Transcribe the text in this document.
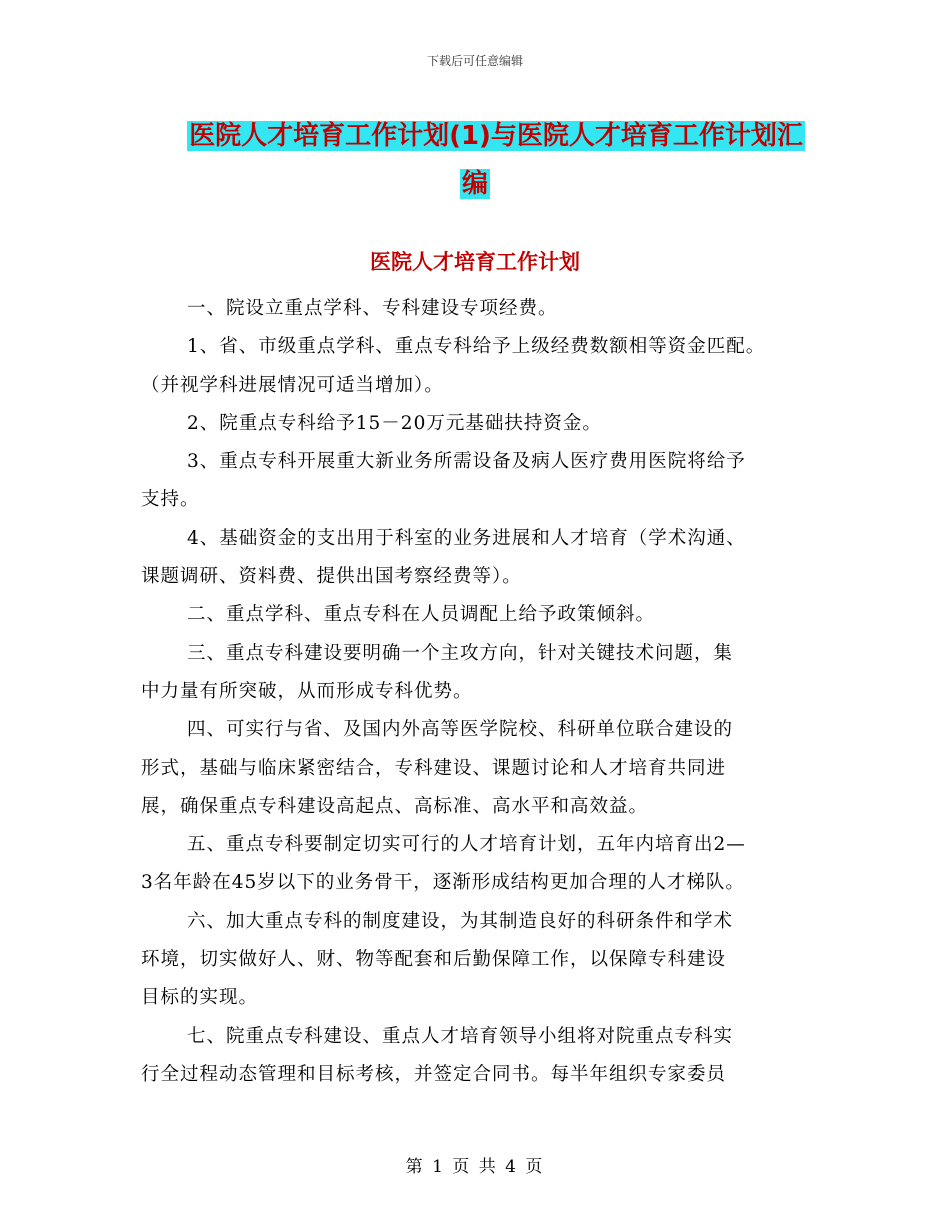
下载后可任意编辑
医院人才培育工作计划(1)与医院人才培育工作计划汇
编
医院人才培育工作计划
一、院设立重点学科、专科建设专项经费。
1、省、市级重点学科、重点专科给予上级经费数额相等资金匹配。
（并视学科进展情况可适当增加）。
2、院重点专科给予15－20万元基础扶持资金。
3、重点专科开展重大新业务所需设备及病人医疗费用医院将给予
支持。
4、基础资金的支出用于科室的业务进展和人才培育（学术沟通、
课题调研、资料费、提供出国考察经费等）。
二、重点学科、重点专科在人员调配上给予政策倾斜。
三、重点专科建设要明确一个主攻方向，针对关键技术问题，集
中力量有所突破，从而形成专科优势。
四、可实行与省、及国内外高等医学院校、科研单位联合建设的
形式，基础与临床紧密结合，专科建设、课题讨论和人才培育共同进
展，确保重点专科建设高起点、高标准、高水平和高效益。
五、重点专科要制定切实可行的人才培育计划，五年内培育出2—
3名年龄在45岁以下的业务骨干，逐渐形成结构更加合理的人才梯队。
六、加大重点专科的制度建设，为其制造良好的科研条件和学术
环境，切实做好人、财、物等配套和后勤保障工作，以保障专科建设
目标的实现。
七、院重点专科建设、重点人才培育领导小组将对院重点专科实
行全过程动态管理和目标考核，并签定合同书。每半年组织专家委员
第 1 页 共 4 页
